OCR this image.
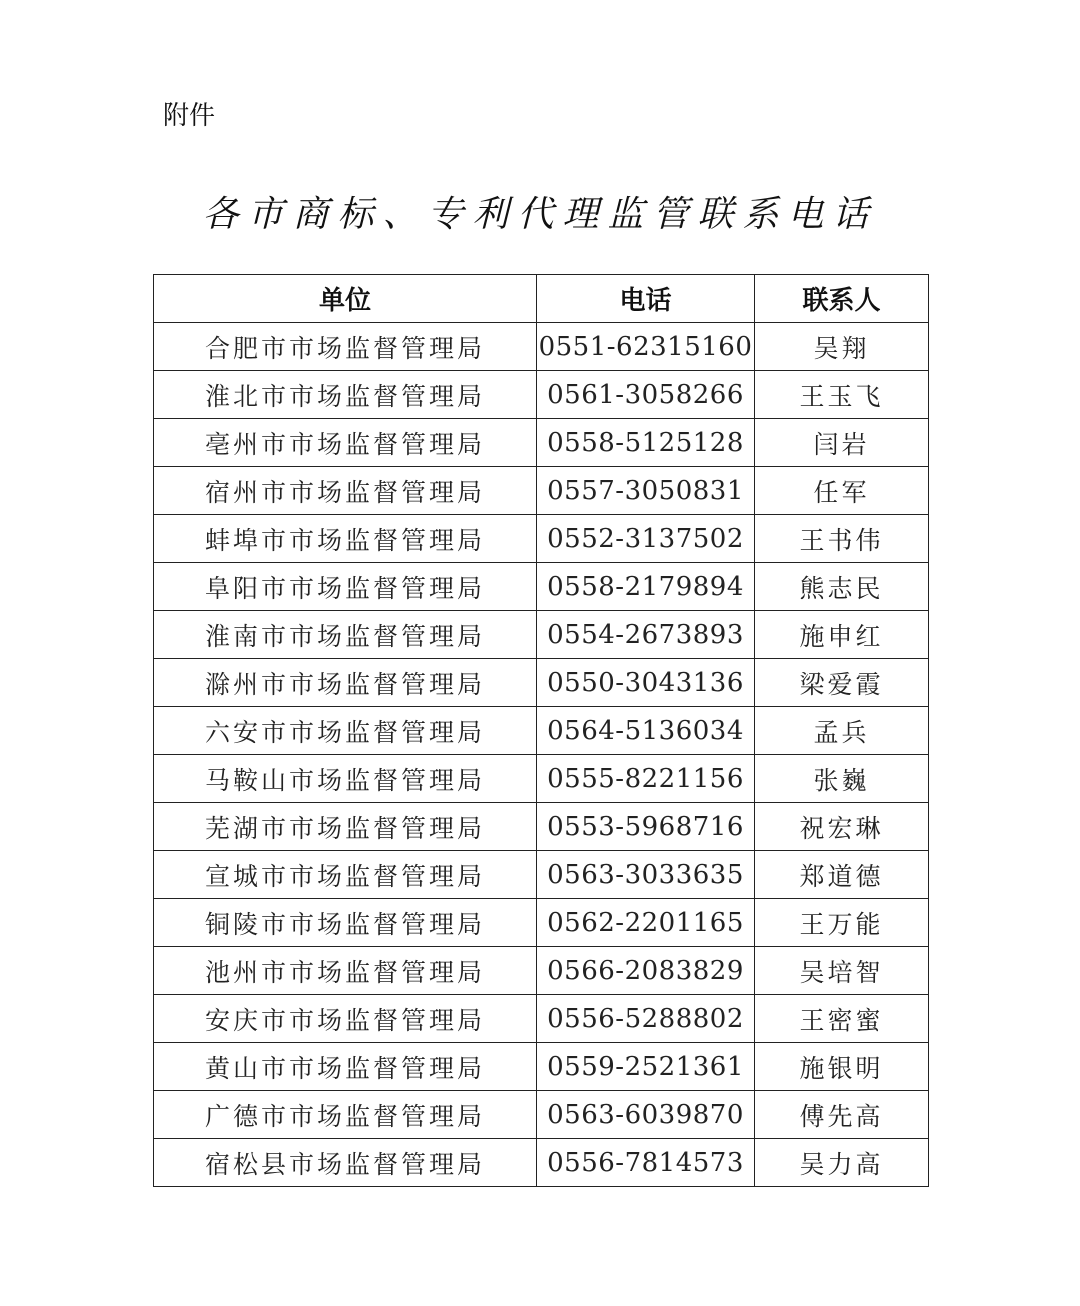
附件
各市商标、专利代理监管联系电话
单位	电话	联系人
合肥市市场监督管理局	0551-62315160	吴翔
淮北市市场监督管理局	0561-3058266	王玉飞
亳州市市场监督管理局	0558-5125128	闫岩
宿州市市场监督管理局	0557-3050831	任军
蚌埠市市场监督管理局	0552-3137502	王书伟
阜阳市市场监督管理局	0558-2179894	熊志民
淮南市市场监督管理局	0554-2673893	施申红
滁州市市场监督管理局	0550-3043136	梁爱霞
六安市市场监督管理局	0564-5136034	孟兵
马鞍山市场监督管理局	0555-8221156	张巍
芜湖市市场监督管理局	0553-5968716	祝宏琳
宣城市市场监督管理局	0563-3033635	郑道德
铜陵市市场监督管理局	0562-2201165	王万能
池州市市场监督管理局	0566-2083829	吴培智
安庆市市场监督管理局	0556-5288802	王密蜜
黄山市市场监督管理局	0559-2521361	施银明
广德市市场监督管理局	0563-6039870	傅先高
宿松县市场监督管理局	0556-7814573	吴力高
